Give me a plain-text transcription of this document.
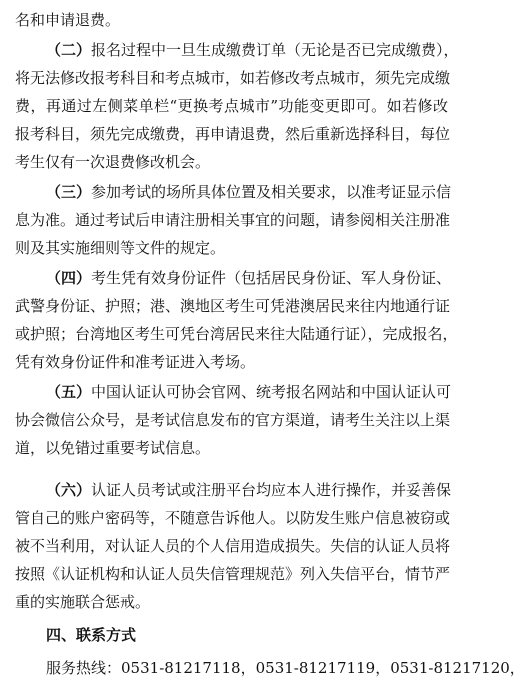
名和申请退费。
（二）报名过程中一旦生成缴费订单（无论是否已完成缴费），
将无法修改报考科目和考点城市，如若修改考点城市，须先完成缴
费，再通过左侧菜单栏“更换考点城市”功能变更即可。如若修改
报考科目，须先完成缴费，再申请退费，然后重新选择科目，每位
考生仅有一次退费修改机会。
（三）参加考试的场所具体位置及相关要求，以准考证显示信
息为准。通过考试后申请注册相关事宜的问题，请参阅相关注册准
则及其实施细则等文件的规定。
（四）考生凭有效身份证件（包括居民身份证、军人身份证、
武警身份证、护照；港、澳地区考生可凭港澳居民来往内地通行证
或护照；台湾地区考生可凭台湾居民来往大陆通行证），完成报名，
凭有效身份证件和准考证进入考场。
（五）中国认证认可协会官网、统考报名网站和中国认证认可
协会微信公众号，是考试信息发布的官方渠道，请考生关注以上渠
道，以免错过重要考试信息。
（六）认证人员考试或注册平台均应本人进行操作，并妥善保
管自己的账户密码等，不随意告诉他人。以防发生账户信息被窃或
被不当利用，对认证人员的个人信用造成损失。失信的认证人员将
按照《认证机构和认证人员失信管理规范》列入失信平台，情节严
重的实施联合惩戒。
四、联系方式
服务热线：0531-81217118，0531-81217119，0531-81217120，
